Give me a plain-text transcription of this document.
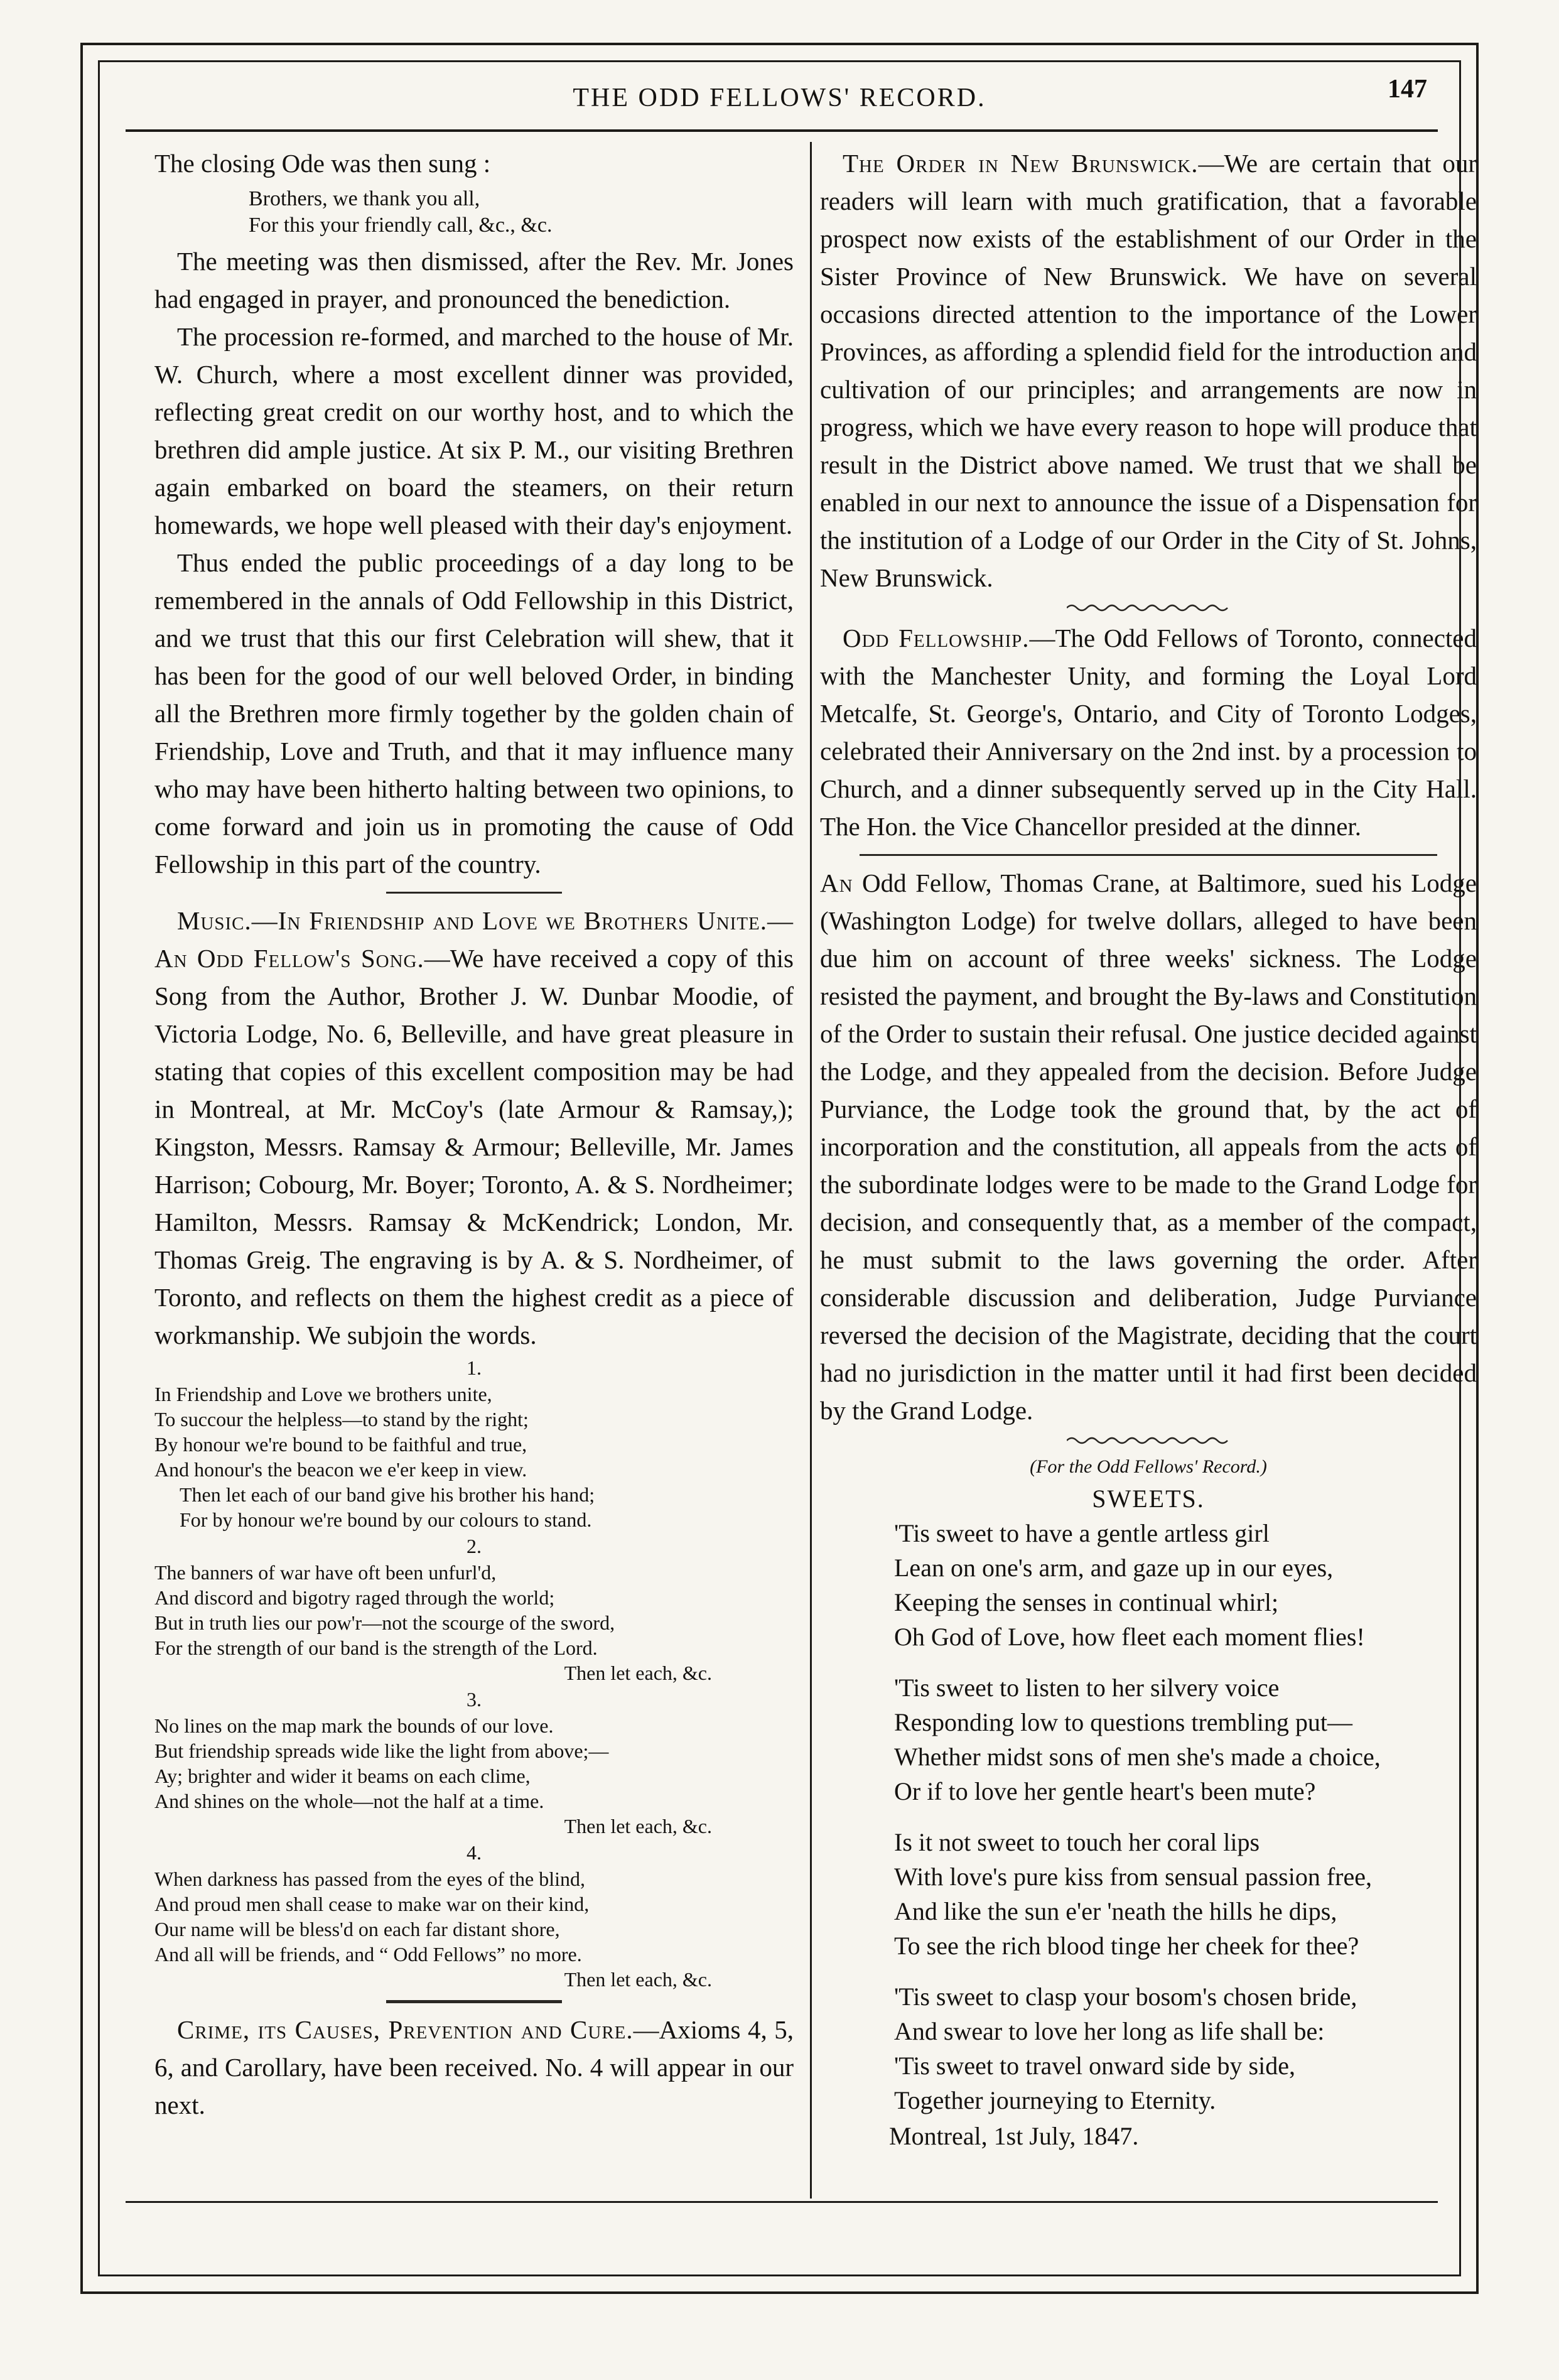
THE ODD FELLOWS' RECORD.	147

The closing Ode was then sung :

Brothers, we thank you all,
For this your friendly call, &c., &c.

The meeting was then dismissed, after the Rev. Mr. Jones had engaged in prayer, and pronounced the benediction.

The procession re-formed, and marched to the house of Mr. W. Church, where a most excellent dinner was provided, reflecting great credit on our worthy host, and to which the brethren did ample justice. At six P. M., our visiting Brethren again embarked on board the steamers, on their return homewards, we hope well pleased with their day's enjoyment.

Thus ended the public proceedings of a day long to be remembered in the annals of Odd Fellowship in this District, and we trust that this our first Celebration will shew, that it has been for the good of our well beloved Order, in binding all the Brethren more firmly together by the golden chain of Friendship, Love and Truth, and that it may influence many who may have been hitherto halting between two opinions, to come forward and join us in promoting the cause of Odd Fellowship in this part of the country.

Music.—In Friendship and Love we Brothers Unite.—An Odd Fellow's Song.—We have received a copy of this Song from the Author, Brother J. W. Dunbar Moodie, of Victoria Lodge, No. 6, Belleville, and have great pleasure in stating that copies of this excellent composition may be had in Montreal, at Mr. McCoy's (late Armour & Ramsay,); Kingston, Messrs. Ramsay & Armour; Belleville, Mr. James Harrison; Cobourg, Mr. Boyer; Toronto, A. & S. Nordheimer; Hamilton, Messrs. Ramsay & McKendrick; London, Mr. Thomas Greig. The engraving is by A. & S. Nordheimer, of Toronto, and reflects on them the highest credit as a piece of workmanship. We subjoin the words.

1.
In Friendship and Love we brothers unite,
To succour the helpless—to stand by the right;
By honour we're bound to be faithful and true,
And honour's the beacon we e'er keep in view.
Then let each of our band give his brother his hand;
For by honour we're bound by our colours to stand.
2.
The banners of war have oft been unfurl'd,
And discord and bigotry raged through the world;
But in truth lies our pow'r—not the scourge of the sword,
For the strength of our band is the strength of the Lord.
Then let each, &c.
3.
No lines on the map mark the bounds of our love.
But friendship spreads wide like the light from above;—
Ay; brighter and wider it beams on each clime,
And shines on the whole—not the half at a time.
Then let each, &c.
4.
When darkness has passed from the eyes of the blind,
And proud men shall cease to make war on their kind,
Our name will be bless'd on each far distant shore,
And all will be friends, and “ Odd Fellows” no more.
Then let each, &c.

Crime, its Causes, Prevention and Cure.—Axioms 4, 5, 6, and Carollary, have been received. No. 4 will appear in our next.

The Order in New Brunswick.—We are certain that our readers will learn with much gratification, that a favorable prospect now exists of the establishment of our Order in the Sister Province of New Brunswick. We have on several occasions directed attention to the importance of the Lower Provinces, as affording a splendid field for the introduction and cultivation of our principles; and arrangements are now in progress, which we have every reason to hope will produce that result in the District above named. We trust that we shall be enabled in our next to announce the issue of a Dispensation for the institution of a Lodge of our Order in the City of St. Johns, New Brunswick.

Odd Fellowship.—The Odd Fellows of Toronto, connected with the Manchester Unity, and forming the Loyal Lord Metcalfe, St. George's, Ontario, and City of Toronto Lodges, celebrated their Anniversary on the 2nd inst. by a procession to Church, and a dinner subsequently served up in the City Hall. The Hon. the Vice Chancellor presided at the dinner.

An Odd Fellow, Thomas Crane, at Baltimore, sued his Lodge (Washington Lodge) for twelve dollars, alleged to have been due him on account of three weeks' sickness. The Lodge resisted the payment, and brought the By-laws and Constitution of the Order to sustain their refusal. One justice decided against the Lodge, and they appealed from the decision. Before Judge Purviance, the Lodge took the ground that, by the act of incorporation and the constitution, all appeals from the acts of the subordinate lodges were to be made to the Grand Lodge for decision, and consequently that, as a member of the compact, he must submit to the laws governing the order. After considerable discussion and deliberation, Judge Purviance reversed the decision of the Magistrate, deciding that the court had no jurisdiction in the matter until it had first been decided by the Grand Lodge.

(For the Odd Fellows' Record.)
SWEETS.
'Tis sweet to have a gentle artless girl
Lean on one's arm, and gaze up in our eyes,
Keeping the senses in continual whirl;
Oh God of Love, how fleet each moment flies!
'Tis sweet to listen to her silvery voice
Responding low to questions trembling put—
Whether midst sons of men she's made a choice,
Or if to love her gentle heart's been mute?
Is it not sweet to touch her coral lips
With love's pure kiss from sensual passion free,
And like the sun e'er 'neath the hills he dips,
To see the rich blood tinge her cheek for thee?
'Tis sweet to clasp your bosom's chosen bride,
And swear to love her long as life shall be:
'Tis sweet to travel onward side by side,
Together journeying to Eternity.
Montreal, 1st July, 1847.
